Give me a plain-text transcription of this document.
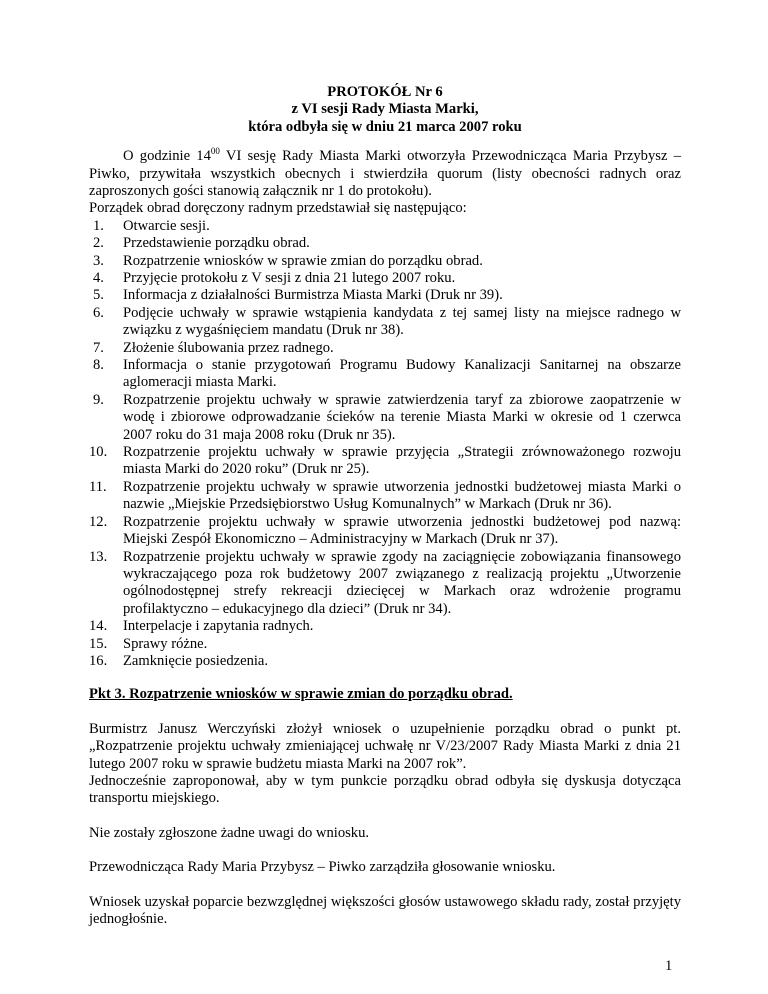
PROTOKÓŁ Nr 6
z VI sesji Rady Miasta Marki,
która odbyła się w dniu 21 marca 2007 roku
O godzinie $14^{00}$ VI sesję Rady Miasta Marki otworzyła Przewodnicząca Maria Przybysz – Piwko, przywitała wszystkich obecnych i stwierdziła quorum (listy obecności radnych oraz zaproszonych gości stanowią załącznik nr 1 do protokołu).
Porządek obrad doręczony radnym przedstawiał się następująco:
1. Otwarcie sesji.
2. Przedstawienie porządku obrad.
3. Rozpatrzenie wniosków w sprawie zmian do porządku obrad.
4. Przyjęcie protokołu z V sesji z dnia 21 lutego 2007 roku.
5. Informacja z działalności Burmistrza Miasta Marki (Druk nr 39).
6. Podjęcie uchwały w sprawie wstąpienia kandydata z tej samej listy na miejsce radnego w związku z wygaśnięciem mandatu (Druk nr 38).
7. Złożenie ślubowania przez radnego.
8. Informacja o stanie przygotowań Programu Budowy Kanalizacji Sanitarnej na obszarze aglomeracji miasta Marki.
9. Rozpatrzenie projektu uchwały w sprawie zatwierdzenia taryf za zbiorowe zaopatrzenie w wodę i zbiorowe odprowadzanie ścieków na terenie Miasta Marki w okresie od 1 czerwca 2007 roku do 31 maja 2008 roku (Druk nr 35).
10. Rozpatrzenie projektu uchwały w sprawie przyjęcia „Strategii zrównoważonego rozwoju miasta Marki do 2020 roku” (Druk nr 25).
11. Rozpatrzenie projektu uchwały w sprawie utworzenia jednostki budżetowej miasta Marki o nazwie „Miejskie Przedsiębiorstwo Usług Komunalnych” w Markach (Druk nr 36).
12. Rozpatrzenie projektu uchwały w sprawie utworzenia jednostki budżetowej pod nazwą: Miejski Zespół Ekonomiczno – Administracyjny w Markach (Druk nr 37).
13. Rozpatrzenie projektu uchwały w sprawie zgody na zaciągnięcie zobowiązania finansowego wykraczającego poza rok budżetowy 2007 związanego z realizacją projektu „Utworzenie ogólnodostępnej strefy rekreacji dziecięcej w Markach oraz wdrożenie programu profilaktyczno – edukacyjnego dla dzieci” (Druk nr 34).
14. Interpelacje i zapytania radnych.
15. Sprawy różne.
16. Zamknięcie posiedzenia.
Pkt 3. Rozpatrzenie wniosków w sprawie zmian do porządku obrad.
Burmistrz Janusz Werczyński złożył wniosek o uzupełnienie porządku obrad o punkt pt. „Rozpatrzenie projektu uchwały zmieniającej uchwałę nr V/23/2007 Rady Miasta Marki z dnia 21 lutego 2007 roku w sprawie budżetu miasta Marki na 2007 rok”.
Jednocześnie zaproponował, aby w tym punkcie porządku obrad odbyła się dyskusja dotycząca transportu miejskiego.
Nie zostały zgłoszone żadne uwagi do wniosku.
Przewodnicząca Rady Maria Przybysz – Piwko zarządziła głosowanie wniosku.
Wniosek uzyskał poparcie bezwzględnej większości głosów ustawowego składu rady, został przyjęty jednogłośnie.
1
